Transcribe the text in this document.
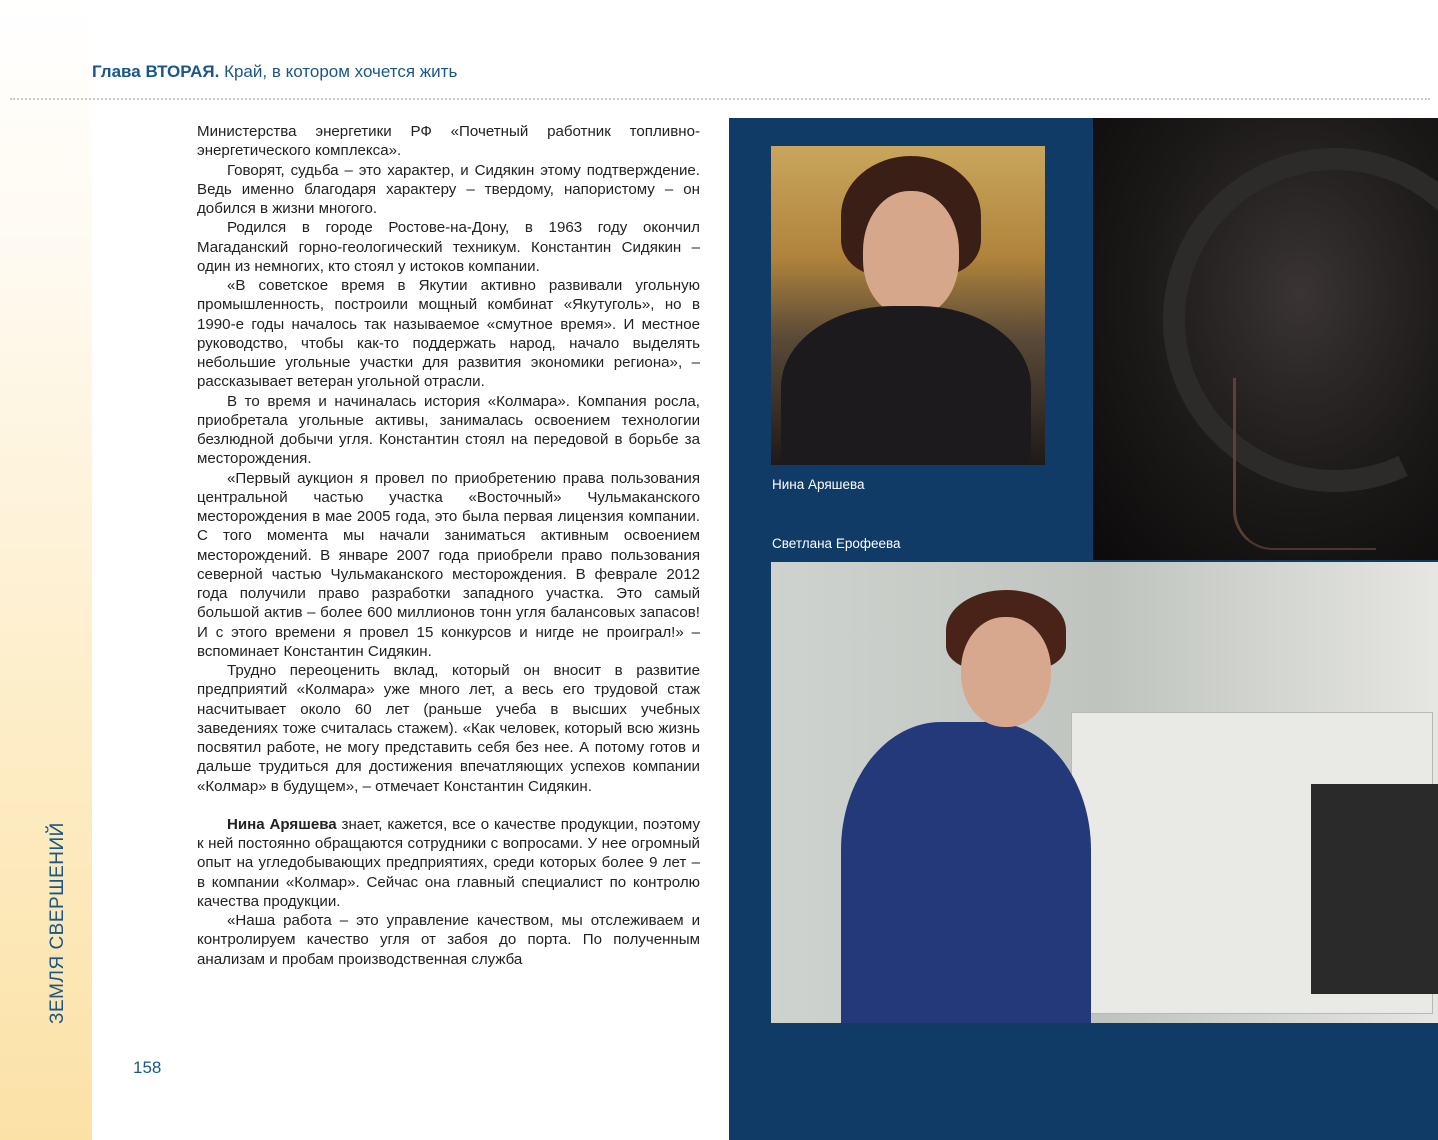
Глава ВТОРАЯ. Край, в котором хочется жить
ЗЕМЛЯ СВЕРШЕНИЙ
158

Министерства энергетики РФ «Почетный работник топливно-энергетического комплекса».

Говорят, судьба – это характер, и Сидякин этому подтверждение. Ведь именно благодаря характеру – твердому, напористому – он добился в жизни многого.

Родился в городе Ростове-на-Дону, в 1963 году окончил Магаданский горно-геологический техникум. Константин Сидякин – один из немногих, кто стоял у истоков компании.

«В советское время в Якутии активно развивали угольную промышленность, построили мощный комбинат «Якутуголь», но в 1990-е годы началось так называемое «смутное время». И местное руководство, чтобы как-то поддержать народ, начало выделять небольшие угольные участки для развития экономики региона», – рассказывает ветеран угольной отрасли.

В то время и начиналась история «Колмара». Компания росла, приобретала угольные активы, занималась освоением технологии безлюдной добычи угля. Константин стоял на передовой в борьбе за месторождения.

«Первый аукцион я провел по приобретению права пользования центральной частью участка «Восточный» Чульмаканского месторождения в мае 2005 года, это была первая лицензия компании. С того момента мы начали заниматься активным освоением месторождений. В январе 2007 года приобрели право пользования северной частью Чульмаканского месторождения. В феврале 2012 года получили право разработки западного участка. Это самый большой актив – более 600 миллионов тонн угля балансовых запасов! И с этого времени я провел 15 конкурсов и нигде не проиграл!» – вспоминает Константин Сидякин.

Трудно переоценить вклад, который он вносит в развитие предприятий «Колмара» уже много лет, а весь его трудовой стаж насчитывает около 60 лет (раньше учеба в высших учебных заведениях тоже считалась стажем). «Как человек, который всю жизнь посвятил работе, не могу представить себя без нее. А потому готов и дальше трудиться для достижения впечатляющих успехов компании «Колмар» в будущем», – отмечает Константин Сидякин.

Нина Аряшева знает, кажется, все о качестве продукции, поэтому к ней постоянно обращаются сотрудники с вопросами. У нее огромный опыт на угледобывающих предприятиях, среди которых более 9 лет – в компании «Колмар». Сейчас она главный специалист по контролю качества продукции.

«Наша работа – это управление качеством, мы отслеживаем и контролируем качество угля от забоя до порта. По полученным анализам и пробам производственная служба

Нина Аряшева
Светлана Ерофеева
